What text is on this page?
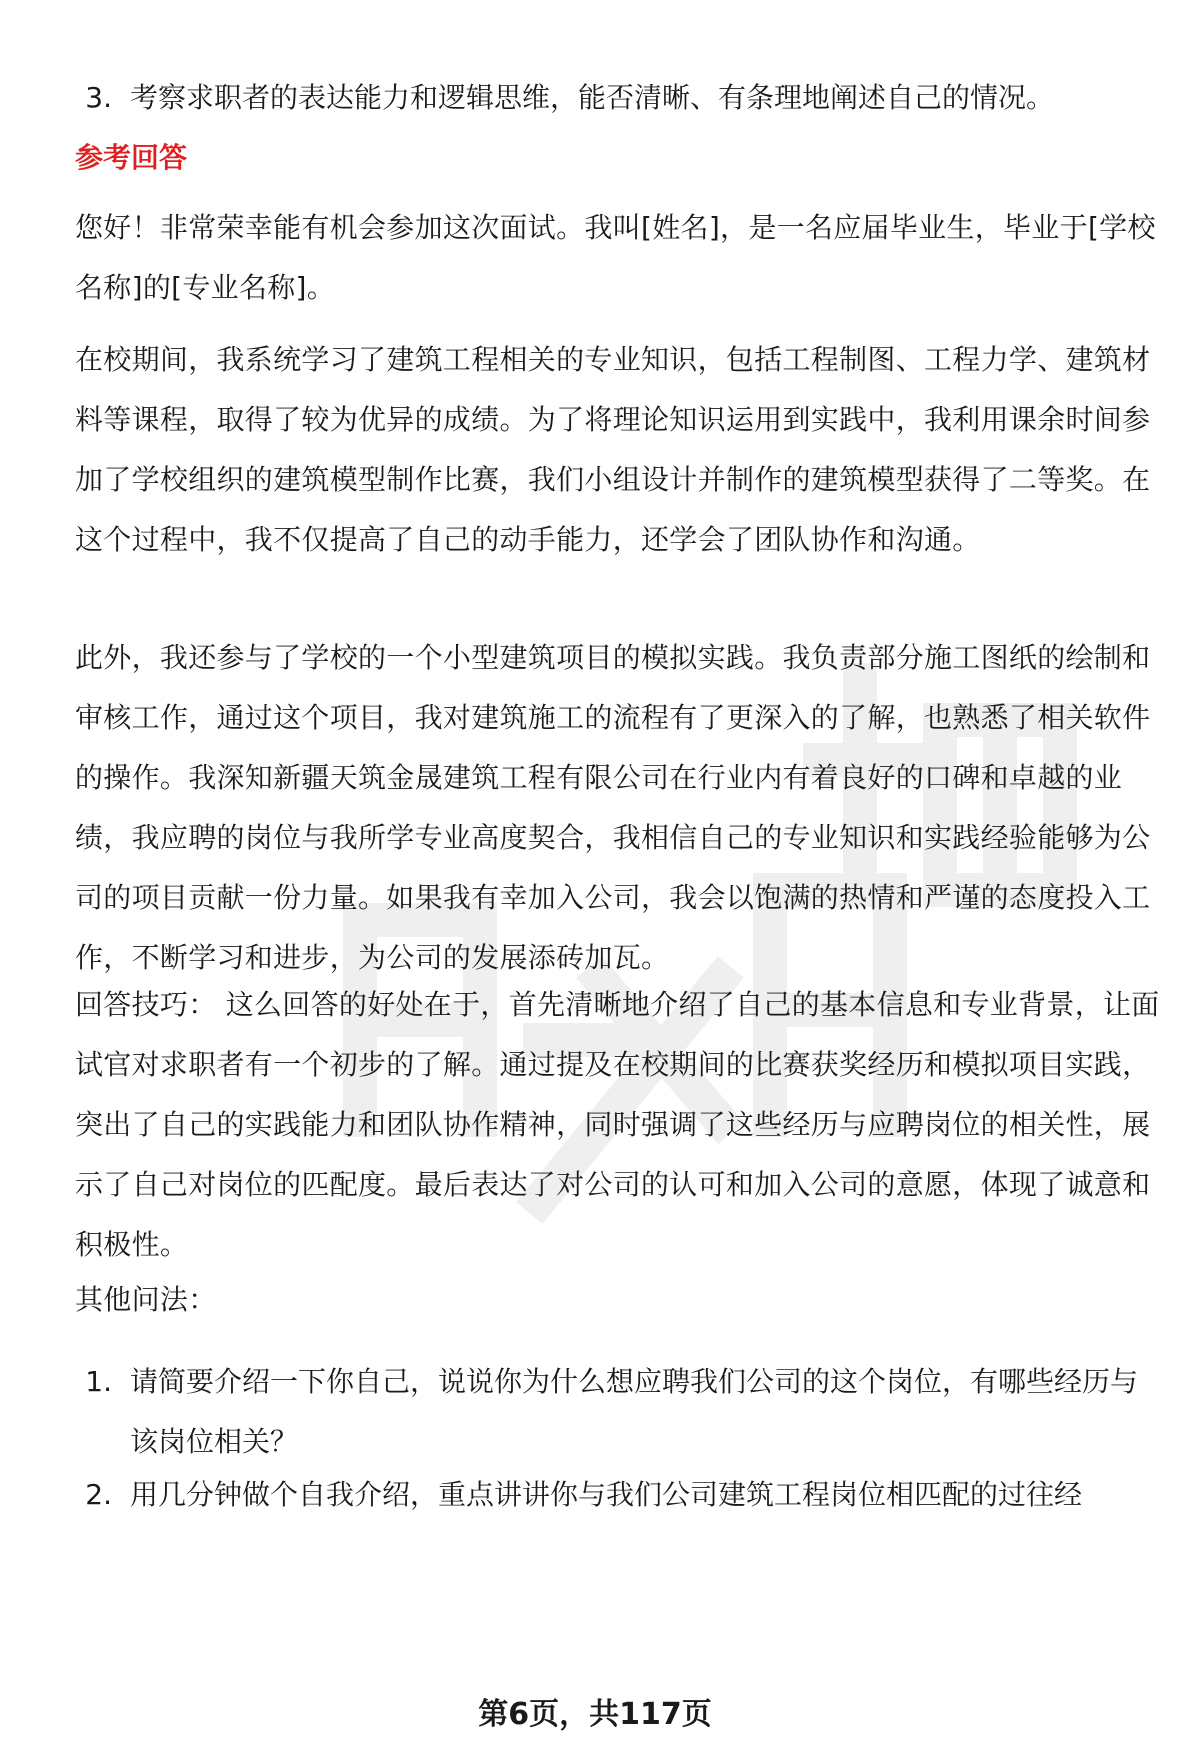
3. 考察求职者的表达能力和逻辑思维，能否清晰、有条理地阐述自己的情况。

参考回答

您好！非常荣幸能有机会参加这次面试。我叫[姓名]，是一名应届毕业生，毕业于[学校名称]的[专业名称]。

在校期间，我系统学习了建筑工程相关的专业知识，包括工程制图、工程力学、建筑材料等课程，取得了较为优异的成绩。为了将理论知识运用到实践中，我利用课余时间参加了学校组织的建筑模型制作比赛，我们小组设计并制作的建筑模型获得了二等奖。在这个过程中，我不仅提高了自己的动手能力，还学会了团队协作和沟通。

此外，我还参与了学校的一个小型建筑项目的模拟实践。我负责部分施工图纸的绘制和审核工作，通过这个项目，我对建筑施工的流程有了更深入的了解，也熟悉了相关软件的操作。我深知新疆天筑金晟建筑工程有限公司在行业内有着良好的口碑和卓越的业绩，我应聘的岗位与我所学专业高度契合，我相信自己的专业知识和实践经验能够为公司的项目贡献一份力量。如果我有幸加入公司，我会以饱满的热情和严谨的态度投入工作，不断学习和进步，为公司的发展添砖加瓦。

回答技巧： 这么回答的好处在于，首先清晰地介绍了自己的基本信息和专业背景，让面试官对求职者有一个初步的了解。通过提及在校期间的比赛获奖经历和模拟项目实践，突出了自己的实践能力和团队协作精神，同时强调了这些经历与应聘岗位的相关性，展示了自己对岗位的匹配度。最后表达了对公司的认可和加入公司的意愿，体现了诚意和积极性。

其他问法：

1. 请简要介绍一下你自己，说说你为什么想应聘我们公司的这个岗位，有哪些经历与该岗位相关？
2. 用几分钟做个自我介绍，重点讲讲你与我们公司建筑工程岗位相匹配的过往经
第6页，共117页
